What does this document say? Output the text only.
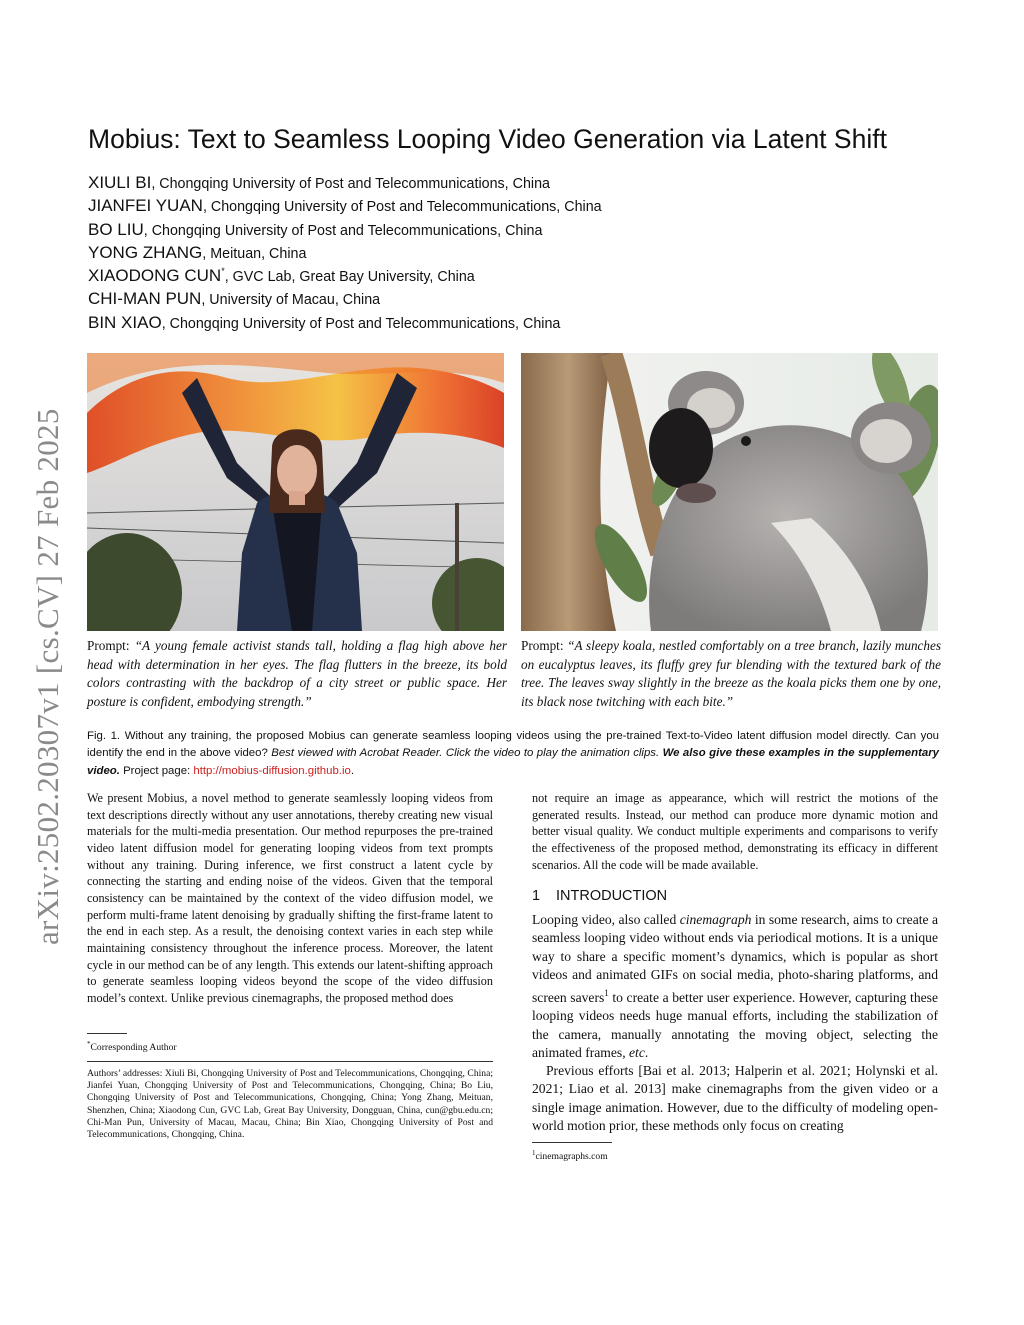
arXiv:2502.20307v1 [cs.CV] 27 Feb 2025
Mobius: Text to Seamless Looping Video Generation via Latent Shift
XIULI BI, Chongqing University of Post and Telecommunications, China
JIANFEI YUAN, Chongqing University of Post and Telecommunications, China
BO LIU, Chongqing University of Post and Telecommunications, China
YONG ZHANG, Meituan, China
XIAODONG CUN*, GVC Lab, Great Bay University, China
CHI-MAN PUN, University of Macau, China
BIN XIAO, Chongqing University of Post and Telecommunications, China
Prompt: “A young female activist stands tall, holding a flag high above her head with determination in her eyes. The flag flutters in the breeze, its bold colors contrasting with the backdrop of a city street or public space. Her posture is confident, embodying strength.”
Prompt: “A sleepy koala, nestled comfortably on a tree branch, lazily munches on eucalyptus leaves, its fluffy grey fur blending with the textured bark of the tree. The leaves sway slightly in the breeze as the koala picks them one by one, its black nose twitching with each bite.”
Fig. 1. Without any training, the proposed Mobius can generate seamless looping videos using the pre-trained Text-to-Video latent diffusion model directly. Can you identify the end in the above video? Best viewed with Acrobat Reader. Click the video to play the animation clips. We also give these examples in the supplementary video. Project page: http://mobius-diffusion.github.io.
We present Mobius, a novel method to generate seamlessly looping videos from text descriptions directly without any user annotations, thereby creating new visual materials for the multi-media presentation. Our method repurposes the pre-trained video latent diffusion model for generating looping videos from text prompts without any training. During inference, we first construct a latent cycle by connecting the starting and ending noise of the videos. Given that the temporal consistency can be maintained by the context of the video diffusion model, we perform multi-frame latent denoising by gradually shifting the first-frame latent to the end in each step. As a result, the denoising context varies in each step while maintaining consistency throughout the inference process. Moreover, the latent cycle in our method can be of any length. This extends our latent-shifting approach to generate seamless looping videos beyond the scope of the video diffusion model’s context. Unlike previous cinemagraphs, the proposed method does
not require an image as appearance, which will restrict the motions of the generated results. Instead, our method can produce more dynamic motion and better visual quality. We conduct multiple experiments and comparisons to verify the effectiveness of the proposed method, demonstrating its efficacy in different scenarios. All the code will be made available.
*Corresponding Author
Authors’ addresses: Xiuli Bi, Chongqing University of Post and Telecommunications, Chongqing, China; Jianfei Yuan, Chongqing University of Post and Telecommunications, Chongqing, China; Bo Liu, Chongqing University of Post and Telecommunications, Chongqing, China; Yong Zhang, Meituan, Shenzhen, China; Xiaodong Cun, GVC Lab, Great Bay University, Dongguan, China, cun@gbu.edu.cn; Chi-Man Pun, University of Macau, Macau, China; Bin Xiao, Chongqing University of Post and Telecommunications, Chongqing, China.
1 INTRODUCTION

Looping video, also called cinemagraph in some research, aims to create a seamless looping video without ends via periodical motions. It is a unique way to share a specific moment’s dynamics, which is popular as short videos and animated GIFs on social media, photo-sharing platforms, and screen savers$^1$ to create a better user experience. However, capturing these looping videos needs huge manual efforts, including the stabilization of the camera, manually annotating the moving object, selecting the animated frames, etc.

Previous efforts [Bai et al. 2013; Halperin et al. 2021; Holynski et al. 2021; Liao et al. 2013] make cinemagraphs from the given video or a single image animation. However, due to the difficulty of modeling open-world motion prior, these methods only focus on creating

$^1$cinemagraphs.com
